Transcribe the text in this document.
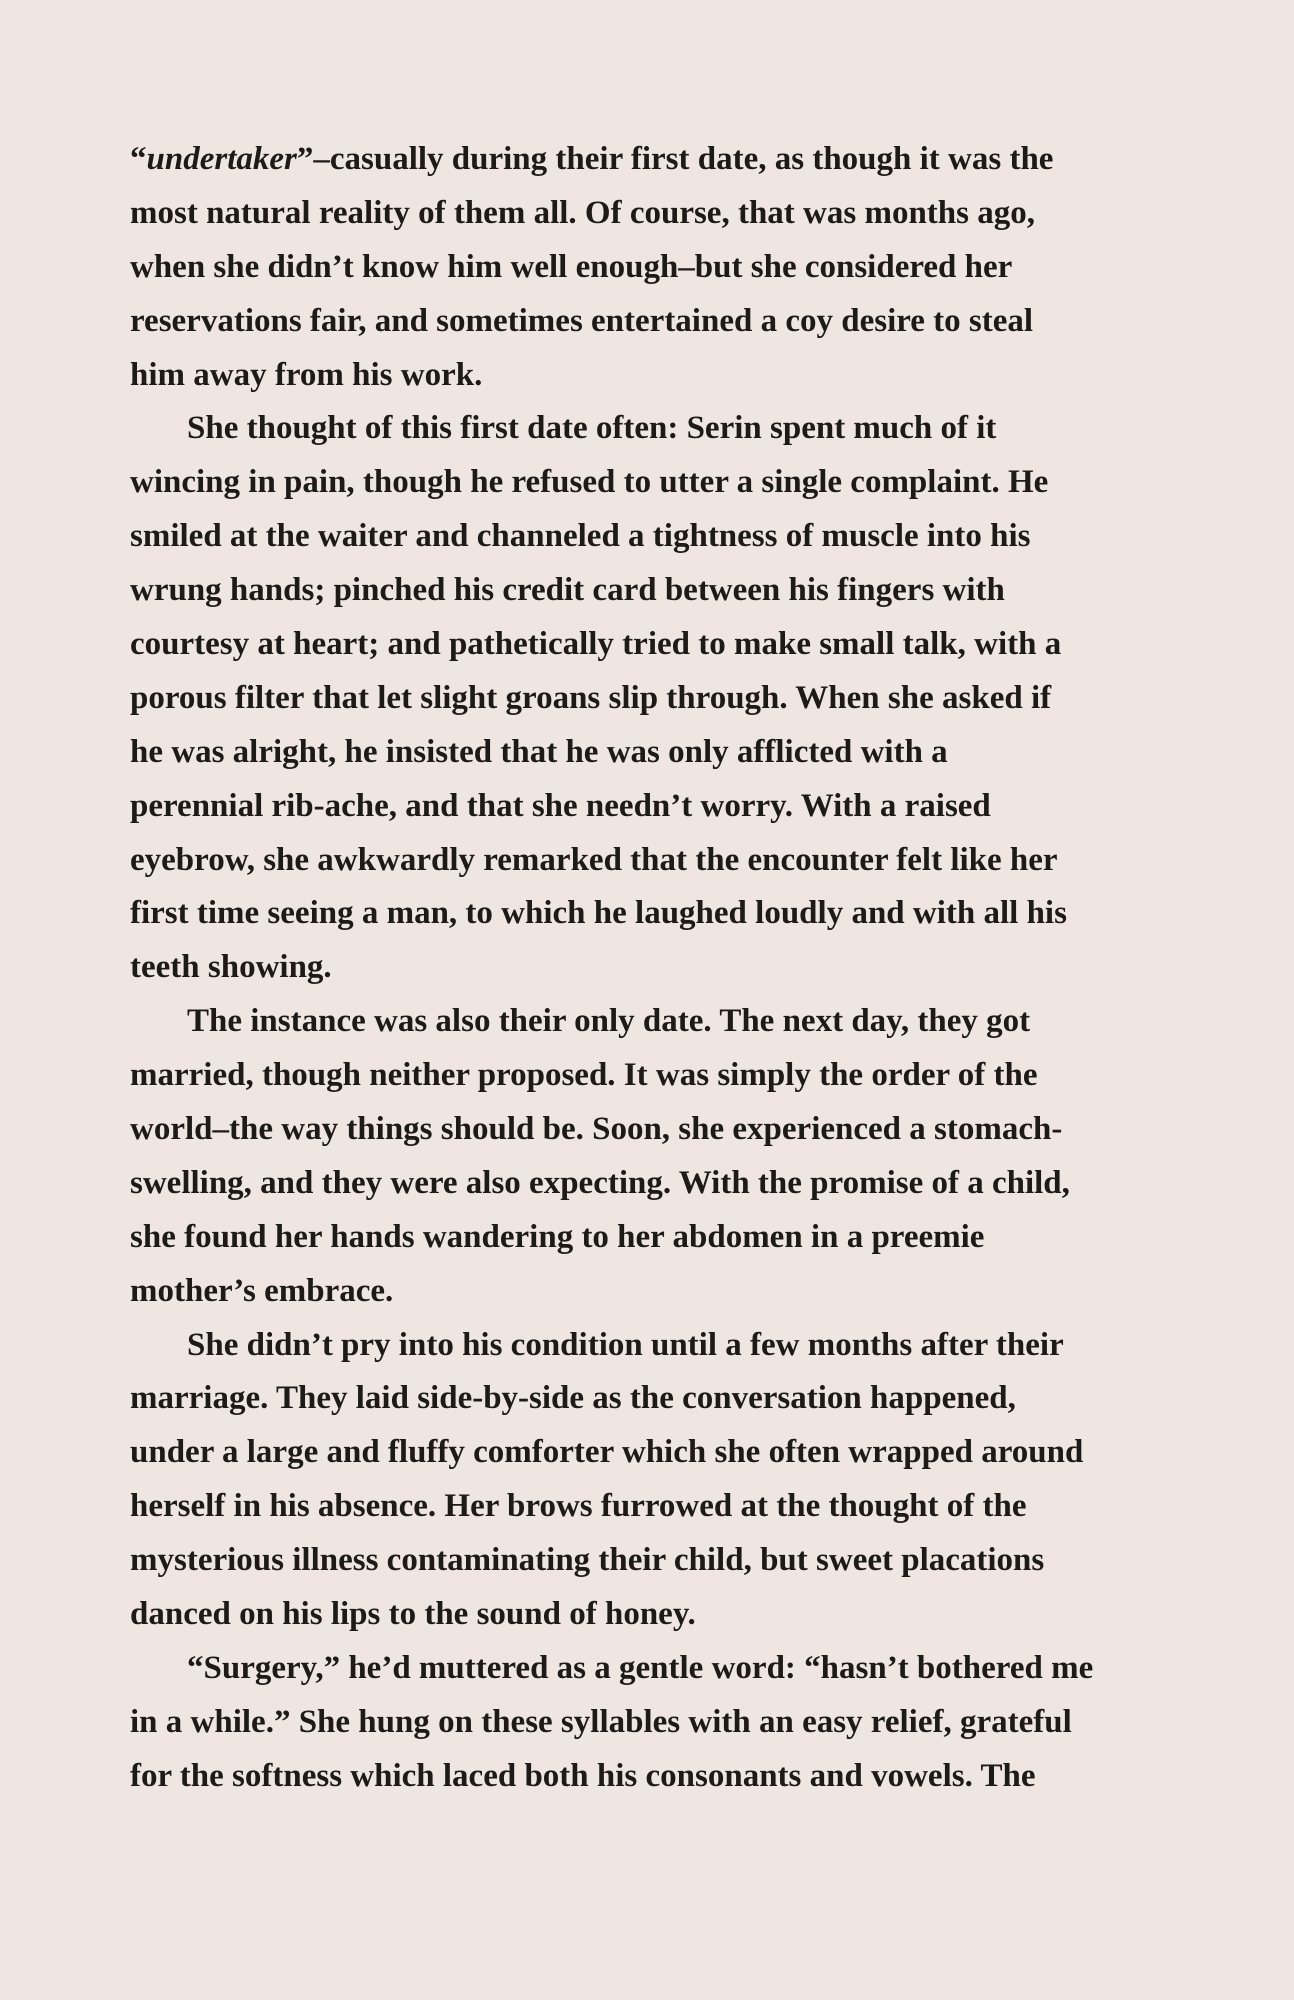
“undertaker”–casually during their first date, as though it was the
most natural reality of them all. Of course, that was months ago,
when she didn’t know him well enough–but she considered her
reservations fair, and sometimes entertained a coy desire to steal
him away from his work.
She thought of this first date often: Serin spent much of it
wincing in pain, though he refused to utter a single complaint. He
smiled at the waiter and channeled a tightness of muscle into his
wrung hands; pinched his credit card between his fingers with
courtesy at heart; and pathetically tried to make small talk, with a
porous filter that let slight groans slip through. When she asked if
he was alright, he insisted that he was only afflicted with a
perennial rib-ache, and that she needn’t worry. With a raised
eyebrow, she awkwardly remarked that the encounter felt like her
first time seeing a man, to which he laughed loudly and with all his
teeth showing.
The instance was also their only date. The next day, they got
married, though neither proposed. It was simply the order of the
world–the way things should be. Soon, she experienced a stomach-
swelling, and they were also expecting. With the promise of a child,
she found her hands wandering to her abdomen in a preemie
mother’s embrace.
She didn’t pry into his condition until a few months after their
marriage. They laid side-by-side as the conversation happened,
under a large and fluffy comforter which she often wrapped around
herself in his absence. Her brows furrowed at the thought of the
mysterious illness contaminating their child, but sweet placations
danced on his lips to the sound of honey.
“Surgery,” he’d muttered as a gentle word: “hasn’t bothered me
in a while.” She hung on these syllables with an easy relief, grateful
for the softness which laced both his consonants and vowels. The
